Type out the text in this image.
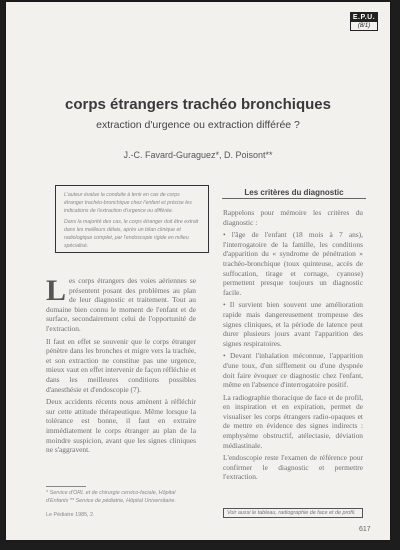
E.P.U.
(8/1)
corps étrangers trachéo bronchiques
extraction d'urgence ou extraction différée ?
J.-C. Favard-Guraguez*, D. Poisont**

L'auteur évalue la conduite à tenir en cas de corps étranger trachéo-bronchique chez l'enfant et précise les indications de l'extraction d'urgence ou différée.

Dans la majorité des cas, le corps étranger doit être extrait dans les meilleurs délais, après un bilan clinique et radiologique complet, par l'endoscopie rigide en milieu spécialisé.

Les critères du diagnostic

Les corps étrangers des voies aériennes se présentent posant des problèmes au plan de leur diagnostic et traitement. Tout au domaine bien connu le moment de l'enfant et de surface, secondairement celui de l'opportunité de l'extraction.

Il faut en effet se souvenir que le corps étranger pénètre dans les bronches et migre vers la trachée, et son extraction ne constitue pas une urgence, mieux vaut en effet intervenir de façon réfléchie et dans les meilleures conditions possibles d'anesthésie et d'endoscopie (7).

Deux accidents récents nous amènent à réfléchir sur cette attitude thérapeutique. Même lorsque la tolérance est bonne, il faut en extraire immédiatement le corps étranger au plan de la moindre suspicion, avant que les signes cliniques ne s'aggravent.

Rappelons pour mémoire les critères du diagnostic :

• l'âge de l'enfant (18 mois à 7 ans), l'interrogatoire de la famille, les conditions d'apparition du « syndrome de pénétration » trachéo-bronchique (toux quinteuse, accès de suffocation, tirage et cornage, cyanose) permettent presque toujours un diagnostic facile.

• Il survient bien souvent une amélioration rapide mais dangereusement trompeuse des signes cliniques, et la période de latence peut durer plusieurs jours avant l'apparition des signes respiratoires.

• Devant l'inhalation méconnue, l'apparition d'une toux, d'un sifflement ou d'une dyspnée doit faire évoquer ce diagnostic chez l'enfant, même en l'absence d'interrogatoire positif.

La radiographie thoracique de face et de profil, en inspiration et en expiration, permet de visualiser les corps étrangers radio-opaques et de mettre en évidence des signes indirects : emphysème obstructif, atélectasie, déviation médiastinale.

L'endoscopie reste l'examen de référence pour confirmer le diagnostic et permettre l'extraction.

* Service d'ORL et de chirurgie cervico-faciale, Hôpital d'Enfants ** Service de pédiatrie, Hôpital Universitaire.
Le Pédiatre 1985, 2.	Voir aussi le tableau, radiographie de face et de profil.
617
